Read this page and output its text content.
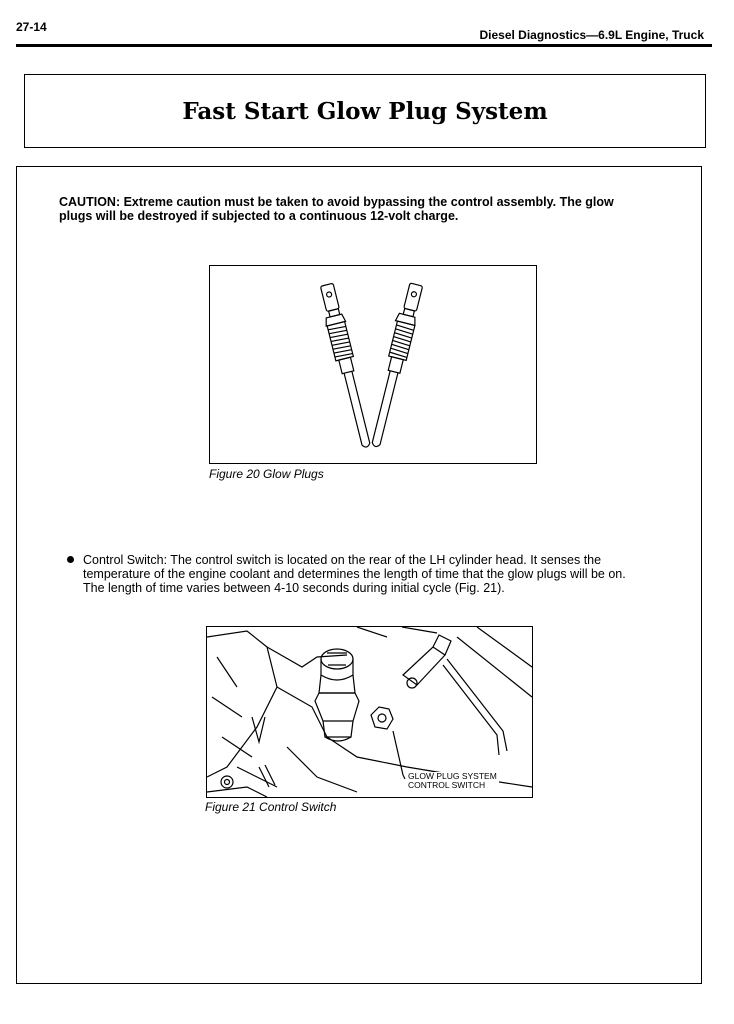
27-14
Diesel Diagnostics—6.9L Engine, Truck
Fast Start Glow Plug System
CAUTION: Extreme caution must be taken to avoid bypassing the control assembly. The glow plugs will be destroyed if subjected to a continuous 12-volt charge.
Figure 20 Glow Plugs
Control Switch: The control switch is located on the rear of the LH cylinder head. It senses the temperature of the engine coolant and determines the length of time that the glow plugs will be on. The length of time varies between 4-10 seconds during initial cycle (Fig. 21).
GLOW PLUG SYSTEM
CONTROL SWITCH
Figure 21 Control Switch
